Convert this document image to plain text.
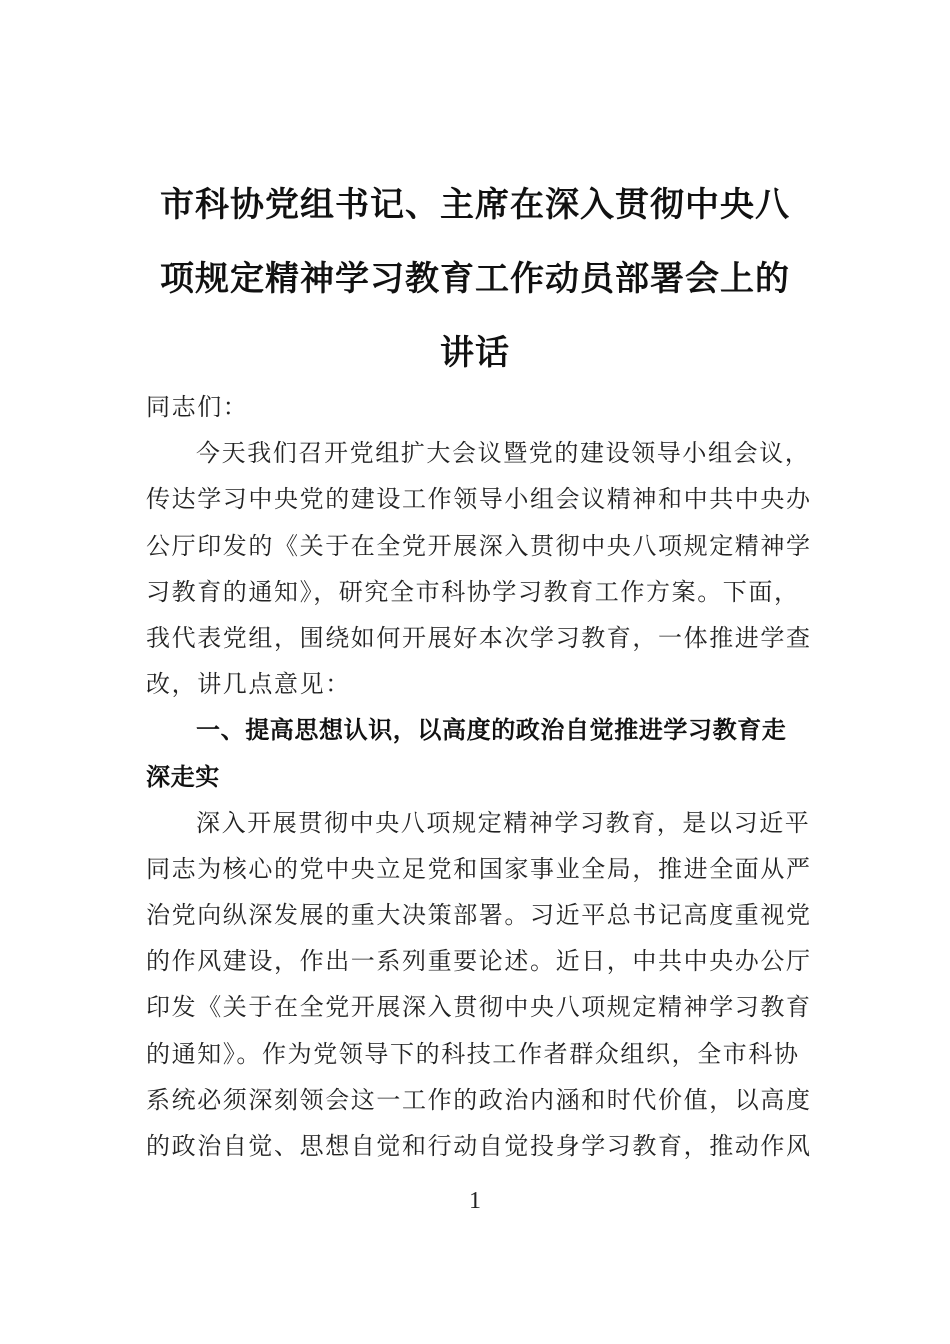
市科协党组书记、主席在深入贯彻中央八
项规定精神学习教育工作动员部署会上的
讲话
同志们：
今天我们召开党组扩大会议暨党的建设领导小组会议，
传达学习中央党的建设工作领导小组会议精神和中共中央办
公厅印发的《关于在全党开展深入贯彻中央八项规定精神学
习教育的通知》，研究全市科协学习教育工作方案。下面，
我代表党组，围绕如何开展好本次学习教育，一体推进学查
改，讲几点意见：
一、提高思想认识，以高度的政治自觉推进学习教育走
深走实
深入开展贯彻中央八项规定精神学习教育，是以习近平
同志为核心的党中央立足党和国家事业全局，推进全面从严
治党向纵深发展的重大决策部署。习近平总书记高度重视党
的作风建设，作出一系列重要论述。近日，中共中央办公厅
印发《关于在全党开展深入贯彻中央八项规定精神学习教育
的通知》。作为党领导下的科技工作者群众组织，全市科协
系统必须深刻领会这一工作的政治内涵和时代价值，以高度
的政治自觉、思想自觉和行动自觉投身学习教育，推动作风
1
